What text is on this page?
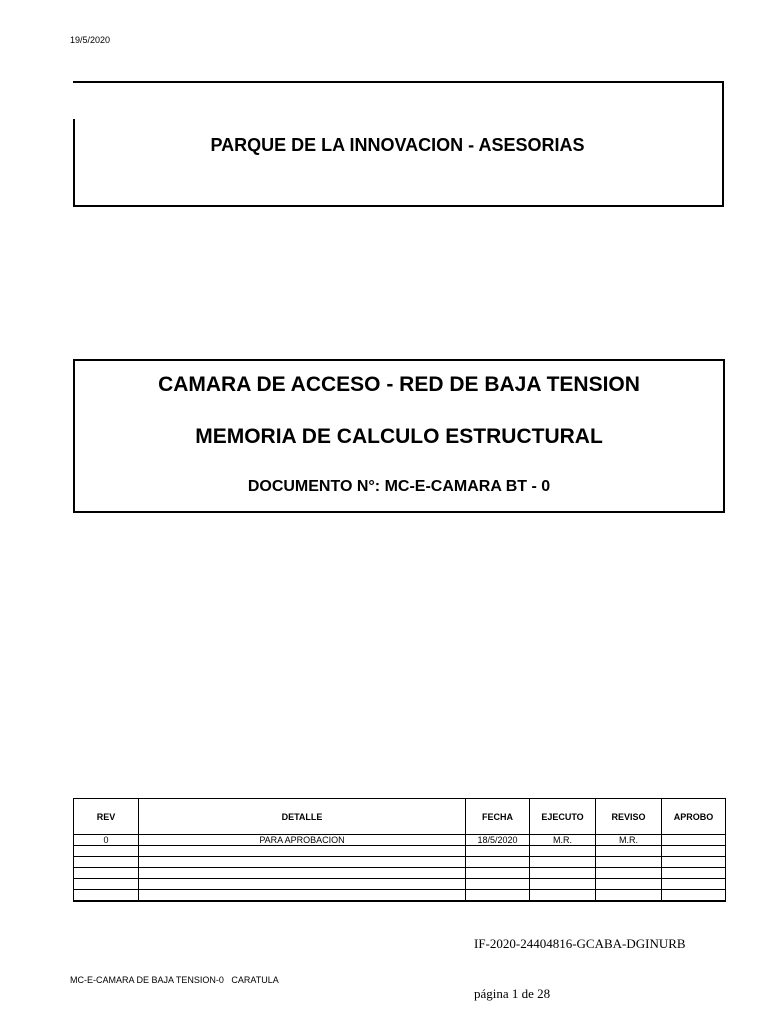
19/5/2020
PARQUE DE LA INNOVACION - ASESORIAS
CAMARA DE ACCESO - RED DE BAJA TENSION
MEMORIA DE CALCULO ESTRUCTURAL
DOCUMENTO N°: MC-E-CAMARA BT - 0
REV	DETALLE	FECHA	EJECUTO	REVISO	APROBO
0	PARA APROBACION	18/5/2020	M.R.	M.R.	

IF-2020-24404816-GCABA-DGINURB
MC-E-CAMARA DE BAJA TENSION-0   CARATULA
página 1 de 28
